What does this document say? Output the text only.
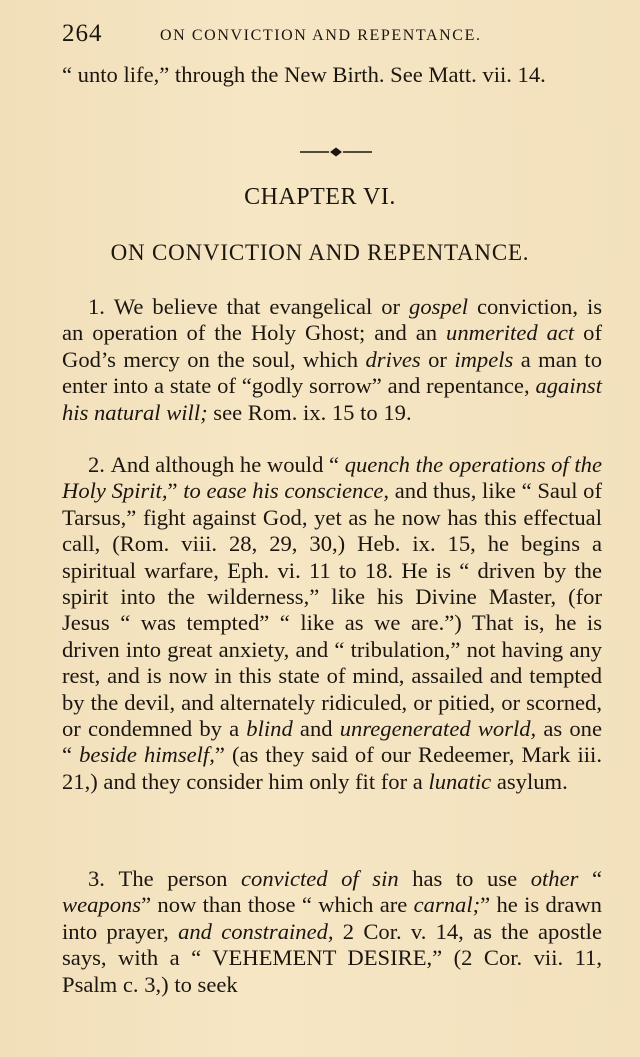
264	ON CONVICTION AND REPENTANCE.

“ unto life,” through the New Birth. See Matt. vii. 14.

CHAPTER VI.
ON CONVICTION AND REPENTANCE.

1. We believe that evangelical or gospel conviction, is an operation of the Holy Ghost; and an unmerited act of God’s mercy on the soul, which drives or impels a man to enter into a state of “godly sorrow” and repentance, against his natural will; see Rom. ix. 15 to 19.

2. And although he would “ quench the operations of the Holy Spirit,” to ease his conscience, and thus, like “ Saul of Tarsus,” fight against God, yet as he now has this effectual call, (Rom. viii. 28, 29, 30,) Heb. ix. 15, he begins a spiritual warfare, Eph. vi. 11 to 18. He is “ driven by the spirit into the wilderness,” like his Divine Master, (for Jesus “ was tempted” “ like as we are.”) That is, he is driven into great anxiety, and “ tribulation,” not having any rest, and is now in this state of mind, assailed and tempted by the devil, and alternately ridiculed, or pitied, or scorned, or condemned by a blind and unregenerated world, as one “ beside himself,” (as they said of our Redeemer, Mark iii. 21,) and they consider him only fit for a lunatic asylum.

3. The person convicted of sin has to use other “ weapons” now than those “ which are carnal;” he is drawn into prayer, and constrained, 2 Cor. v. 14, as the apostle says, with a “ VEHEMENT DESIRE,” (2 Cor. vii. 11, Psalm c. 3,) to seek
